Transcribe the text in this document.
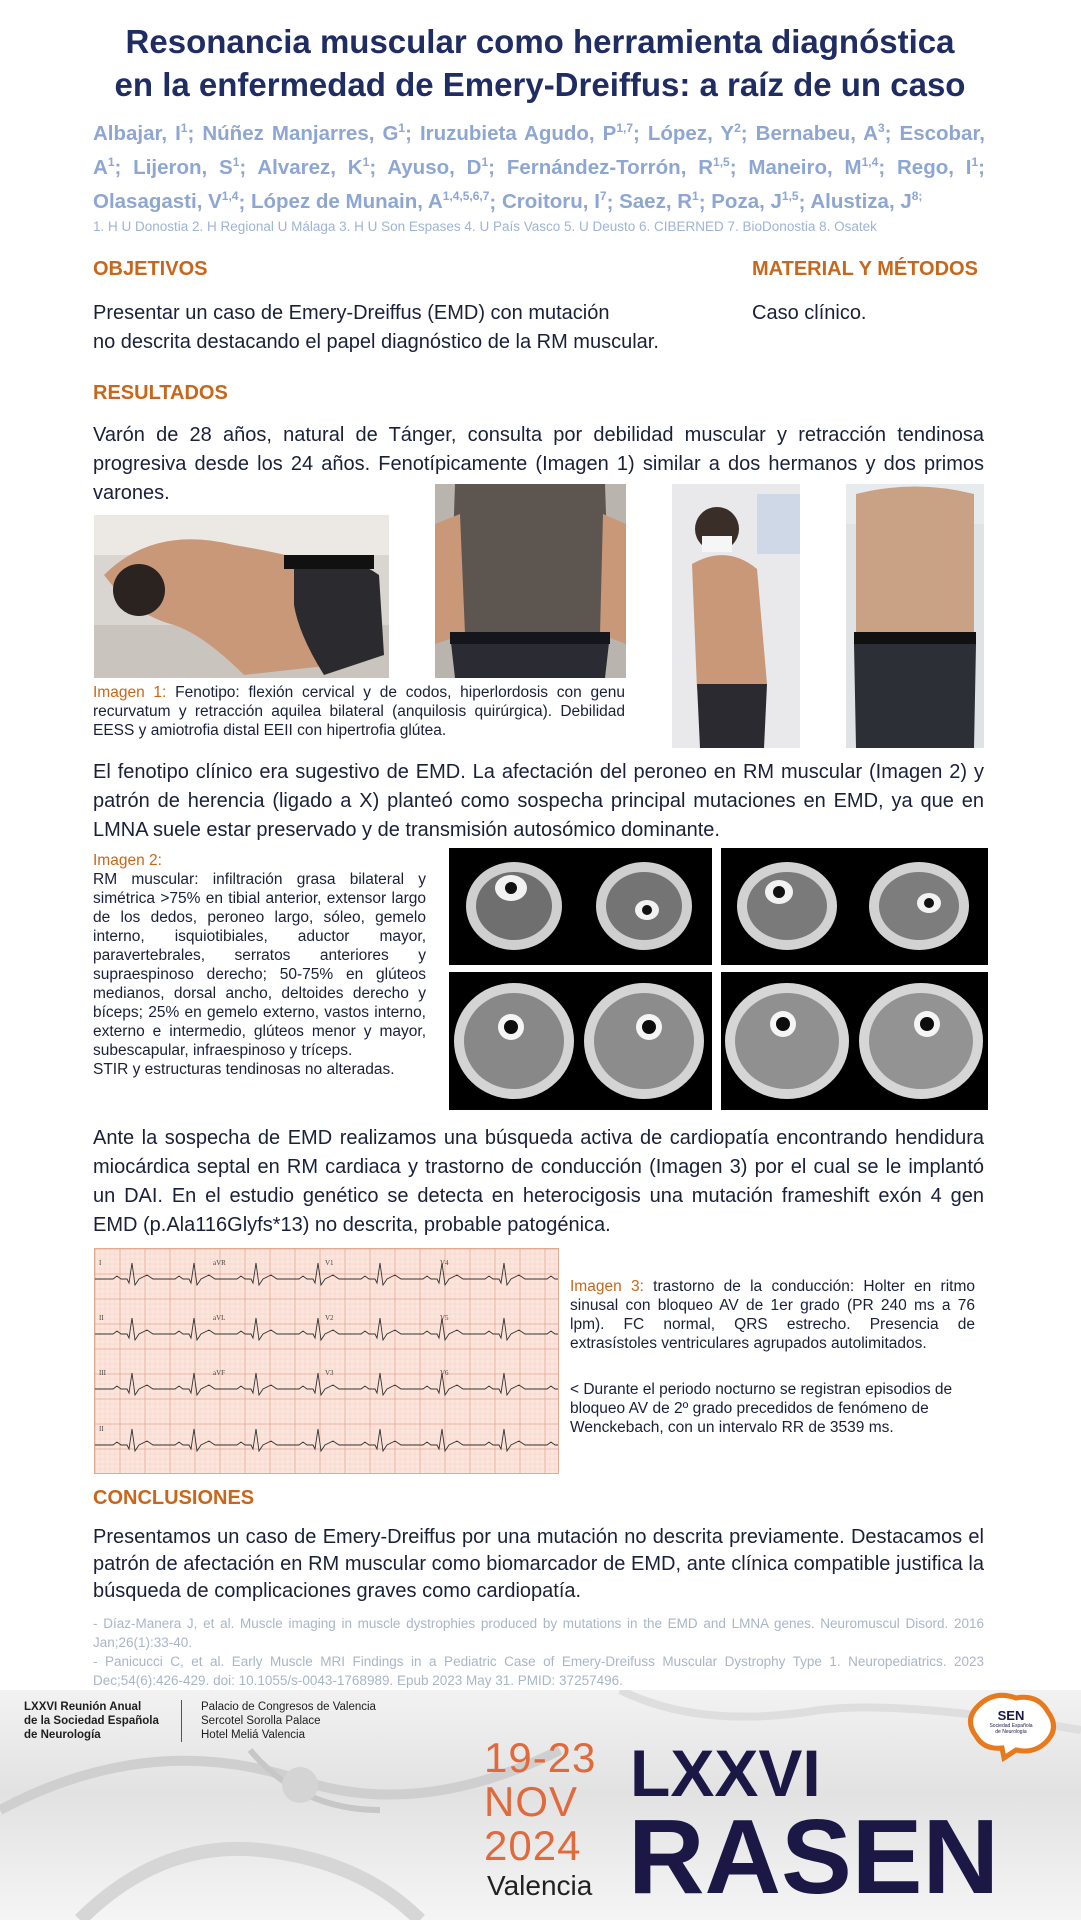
Resonancia muscular como herramienta diagnóstica
en la enfermedad de Emery-Dreiffus: a raíz de un caso
Albajar, $I^1$; Núñez Manjarres, $G^1$; Iruzubieta Agudo, P$^{1,7}$; López, $Y^2$; Bernabeu, $A^3$; Escobar, $A^1$; Lijeron, $S^1$; Alvarez, $K^1$; Ayuso, $D^1$; Fernández-Torrón, R$^{1,5}$; Maneiro, M$^{1,4}$; Rego, $I^1$; Olasagasti, V$^{1,4}$; López de Munain, A$^{1,4,5,6,7}$; Croitoru, $I^7$; Saez, $R^1$; Poza, J$^{1,5}$; Alustiza, $J^{8;}$
1. H U Donostia 2. H Regional U Málaga 3. H U Son Espases 4. U País Vasco 5. U Deusto 6. CIBERNED 7. BioDonostia 8. Osatek
OBJETIVOS
Presentar un caso de Emery-Dreiffus (EMD) con mutación
no descrita destacando el papel diagnóstico de la RM muscular.
MATERIAL Y MÉTODOS
Caso clínico.
RESULTADOS
Varón de 28 años, natural de Tánger, consulta por debilidad muscular y retracción tendinosa progresiva desde los 24 años. Fenotípicamente (Imagen 1) similar a dos hermanos y dos primos varones.
Imagen 1: Fenotipo: flexión cervical y de codos, hiperlordosis con genu recurvatum y retracción aquilea bilateral (anquilosis quirúrgica). Debilidad EESS y amiotrofia distal EEII con hipertrofia glútea.
El fenotipo clínico era sugestivo de EMD. La afectación del peroneo en RM muscular (Imagen 2) y patrón de herencia (ligado a X) planteó como sospecha principal mutaciones en EMD, ya que en LMNA suele estar preservado y de transmisión autosómico dominante.
Imagen 2:
RM muscular: infiltración grasa bilateral y simétrica >75% en tibial anterior, extensor largo de los dedos, peroneo largo, sóleo, gemelo interno, isquiotibiales, aductor mayor, paravertebrales, serratos anteriores y supraespinoso derecho; 50-75% en glúteos medianos, dorsal ancho, deltoides derecho y bíceps; 25% en gemelo externo, vastos interno, externo e intermedio, glúteos menor y mayor, subescapular, infraespinoso y tríceps.
STIR y estructuras tendinosas no alteradas.
Ante la sospecha de EMD realizamos una búsqueda activa de cardiopatía encontrando hendidura miocárdica septal en RM cardiaca y trastorno de conducción (Imagen 3) por el cual se le implantó un DAI. En el estudio genético se detecta en heterocigosis una mutación frameshift exón 4 gen EMD (p.Ala116Glyfs*13) no descrita, probable patogénica.
I	aVR	V1	V4
II	aVL	V2	V5
III	aVF	V3	V6
II
Imagen 3: trastorno de la conducción: Holter en ritmo sinusal con bloqueo AV de 1er grado (PR 240 ms a 76 lpm). FC normal, QRS estrecho. Presencia de extrasístoles ventriculares agrupados autolimitados.
< Durante el periodo nocturno se registran episodios de bloqueo AV de 2º grado precedidos de fenómeno de Wenckebach, con un intervalo RR de 3539 ms.
CONCLUSIONES
Presentamos un caso de Emery-Dreiffus por una mutación no descrita previamente. Destacamos el patrón de afectación en RM muscular como biomarcador de EMD, ante clínica compatible justifica la búsqueda de complicaciones graves como cardiopatía.
- Díaz-Manera J, et al. Muscle imaging in muscle dystrophies produced by mutations in the EMD and LMNA genes. Neuromuscul Disord. 2016 Jan;26(1):33-40.
- Panicucci C, et al. Early Muscle MRI Findings in a Pediatric Case of Emery-Dreifuss Muscular Dystrophy Type 1. Neuropediatrics. 2023 Dec;54(6):426-429. doi: 10.1055/s-0043-1768989. Epub 2023 May 31. PMID: 37257496.
LXXVI Reunión Anual
de la Sociedad Española
de Neurología
Palacio de Congresos de Valencia
Sercotel Sorolla Palace
Hotel Meliá Valencia	19-23
NOV
2024
Valencia
LXXVI
RASEN
SEN
Sociedad Española
de Neurología
